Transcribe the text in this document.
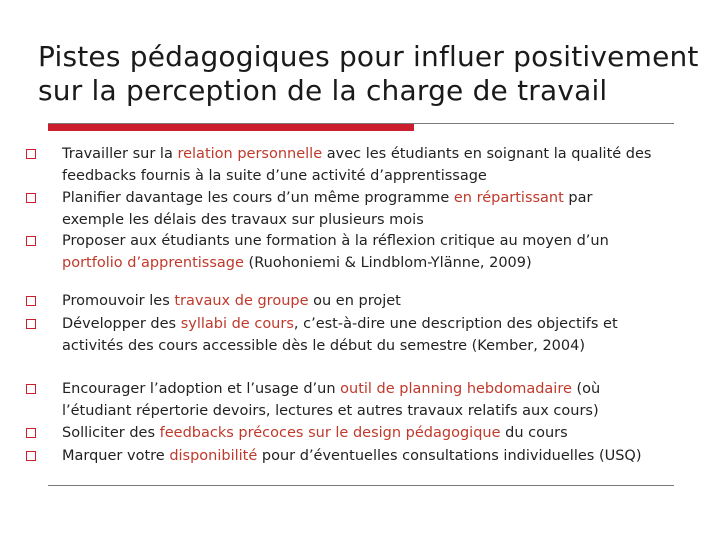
Pistes pédagogiques pour influer positivement
sur la perception de la charge de travail
Travailler sur la relation personnelle avec les étudiants en soignant la qualité des
feedbacks fournis à la suite d’une activité d’apprentissage
Planifier davantage les cours d’un même programme en répartissant par
exemple les délais des travaux sur plusieurs mois
Proposer aux étudiants une formation à la réflexion critique au moyen d’un
portfolio d’apprentissage (Ruohoniemi & Lindblom-Ylänne, 2009)
Promouvoir les travaux de groupe ou en projet
Développer des syllabi de cours, c’est-à-dire une description des objectifs et
activités des cours accessible dès le début du semestre (Kember, 2004)
Encourager l’adoption et l’usage d’un outil de planning hebdomadaire (où
l’étudiant répertorie devoirs, lectures et autres travaux relatifs aux cours)
Solliciter des feedbacks précoces sur le design pédagogique du cours
Marquer votre disponibilité pour d’éventuelles consultations individuelles (USQ)
